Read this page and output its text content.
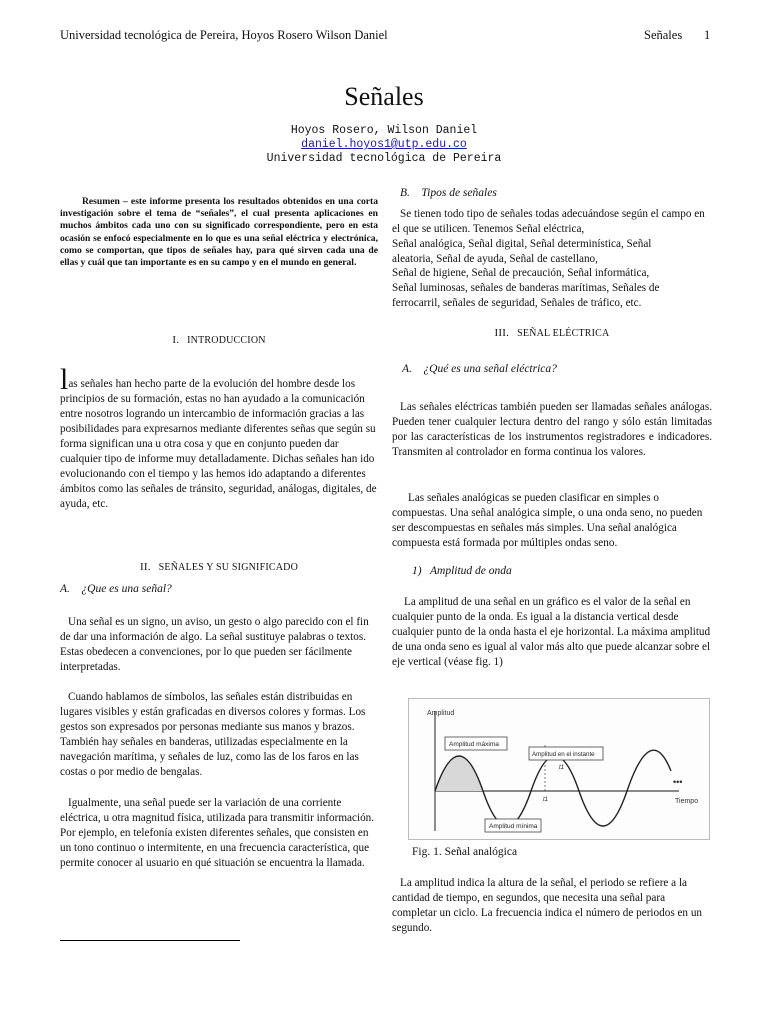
Universidad tecnológica de Pereira, Hoyos Rosero Wilson Daniel	Señales 1
Señales
Hoyos Rosero, Wilson Daniel
daniel.hoyos1@utp.edu.co
Universidad tecnológica de Pereira
Resumen – este informe presenta los resultados obtenidos en una corta investigación sobre el tema de “señales”, el cual presenta aplicaciones en muchos ámbitos cada uno con su significado correspondiente, pero en esta ocasión se enfocó especialmente en lo que es una señal eléctrica y electrónica, como se comportan, que tipos de señales hay, para qué sirven cada una de ellas y cuál que tan importante es en su campo y en el mundo en general.
I. INTRODUCCION
las señales han hecho parte de la evolución del hombre desde los principios de su formación, estas no han ayudado a la comunicación entre nosotros logrando un intercambio de información gracias a las posibilidades para expresarnos mediante diferentes señas que según su forma significan una u otra cosa y que en conjunto pueden dar cualquier tipo de informe muy detalladamente. Dichas señales han ido evolucionando con el tiempo y las hemos ido adaptando a diferentes ámbitos como las señales de tránsito, seguridad, análogas, digitales, de ayuda, etc.
II. SEÑALES Y SU SIGNIFICADO
A.    ¿Que es una señal?
Una señal es un signo, un aviso, un gesto o algo parecido con el fin de dar una información de algo. La señal sustituye palabras o textos. Estas obedecen a convenciones, por lo que pueden ser fácilmente interpretadas.
Cuando hablamos de símbolos, las señales están distribuidas en lugares visibles y están graficadas en diversos colores y formas. Los gestos son expresados por personas mediante sus manos y brazos. También hay señales en banderas, utilizadas especialmente en la navegación marítima, y señales de luz, como las de los faros en las costas o por medio de bengalas.
Igualmente, una señal puede ser la variación de una corriente eléctrica, u otra magnitud física, utilizada para transmitir información. Por ejemplo, en telefonía existen diferentes señales, que consisten en un tono continuo o intermitente, en una frecuencia característica, que permite conocer al usuario en qué situación se encuentra la llamada.
B.    Tipos de señales
Se tienen todo tipo de señales todas adecuándose según el campo en el que se utilicen. Tenemos Señal eléctrica,
Señal analógica, Señal digital, Señal determinística, Señal
aleatoria, Señal de ayuda, Señal de castellano,
Señal de higiene, Señal de precaución, Señal informática,
Señal luminosas, señales de banderas marítimas, Señales de
ferrocarril, señales de seguridad, Señales de tráfico, etc.
III. SEÑAL ELÉCTRICA
A.    ¿Qué es una señal eléctrica?
Las señales eléctricas también pueden ser llamadas señales análogas. Pueden tener cualquier lectura dentro del rango y sólo están limitadas por las características de los instrumentos registradores e indicadores. Transmiten al controlador en forma continua los valores.
Las señales analógicas se pueden clasificar en simples o compuestas. Una señal analógica simple, o una onda seno, no pueden ser descompuestas en señales más simples. Una señal analógica compuesta está formada por múltiples ondas seno.
1)   Amplitud de onda
La amplitud de una señal en un gráfico es el valor de la señal en cualquier punto de la onda. Es igual a la distancia vertical desde cualquier punto de la onda hasta el eje horizontal. La máxima amplitud de una onda seno es igual al valor más alto que puede alcanzar sobre el eje vertical (véase fig. 1)
Amplitud
Tiempo
•••
Amplitud máxima
Amplitud en el instante
t1
t1
Amplitud mínima
Fig. 1. Señal analógica
La amplitud indica la altura de la señal, el periodo se refiere a la cantidad de tiempo, en segundos, que necesita una señal para completar un ciclo. La frecuencia indica el número de periodos en un segundo.
